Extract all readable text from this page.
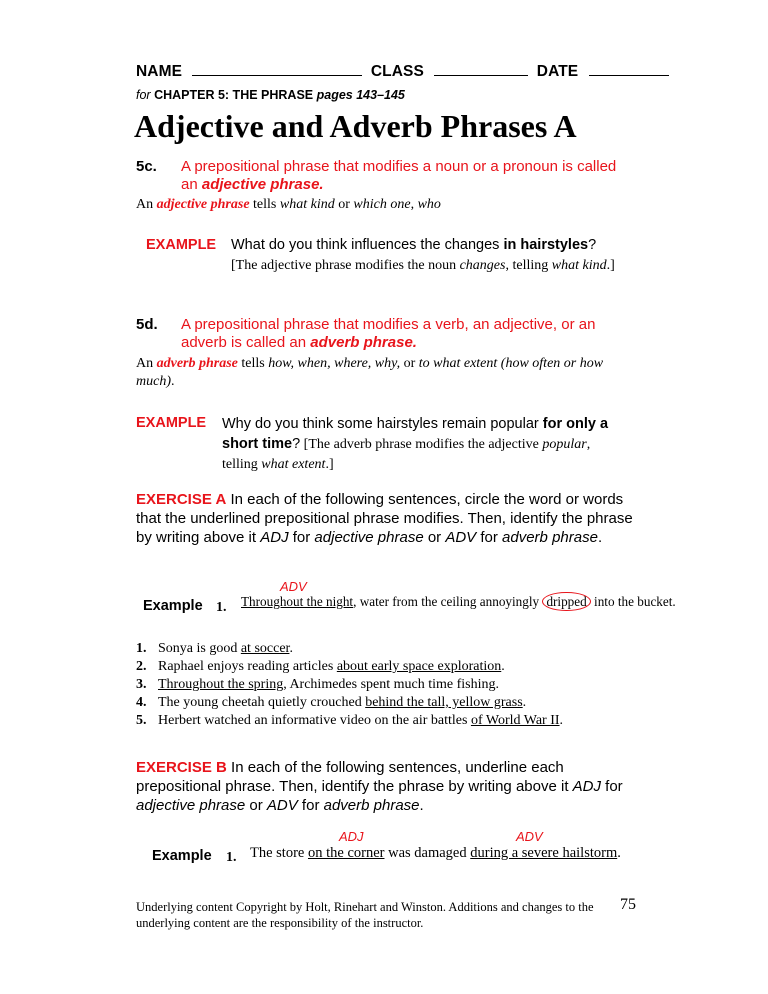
NAME	CLASS	DATE
for CHAPTER 5: THE PHRASE pages 143–145
Adjective and Adverb Phrases A
5c. A prepositional phrase that modifies a noun or a pronoun is called an adjective phrase.
An adjective phrase tells what kind or which one, who
EXAMPLE What do you think influences the changes in hairstyles?
[The adjective phrase modifies the noun changes, telling what kind.]
5d. A prepositional phrase that modifies a verb, an adjective, or an adverb is called an adverb phrase.
An adverb phrase tells how, when, where, why, or to what extent (how often or how much).
EXAMPLE Why do you think some hairstyles remain popular for only a short time? [The adverb phrase modifies the adjective popular, telling what extent.]
EXERCISE A In each of the following sentences, circle the word or words that the underlined prepositional phrase modifies. Then, identify the phrase by writing above it ADJ for adjective phrase or ADV for adverb phrase.
Example 1.
ADV
Throughout the night, water from the ceiling annoyingly dripped into the bucket.
1. Sonya is good at soccer.
2. Raphael enjoys reading articles about early space exploration.
3. Throughout the spring, Archimedes spent much time fishing.
4. The young cheetah quietly crouched behind the tall, yellow grass.
5. Herbert watched an informative video on the air battles of World War II.
EXERCISE B In each of the following sentences, underline each prepositional phrase. Then, identify the phrase by writing above it ADJ for adjective phrase or ADV for adverb phrase.
Example 1.
ADJ	ADV
The store on the corner was damaged during a severe hailstorm.
Underlying content Copyright by Holt, Rinehart and Winston. Additions and changes to the underlying content are the responsibility of the instructor.
75
